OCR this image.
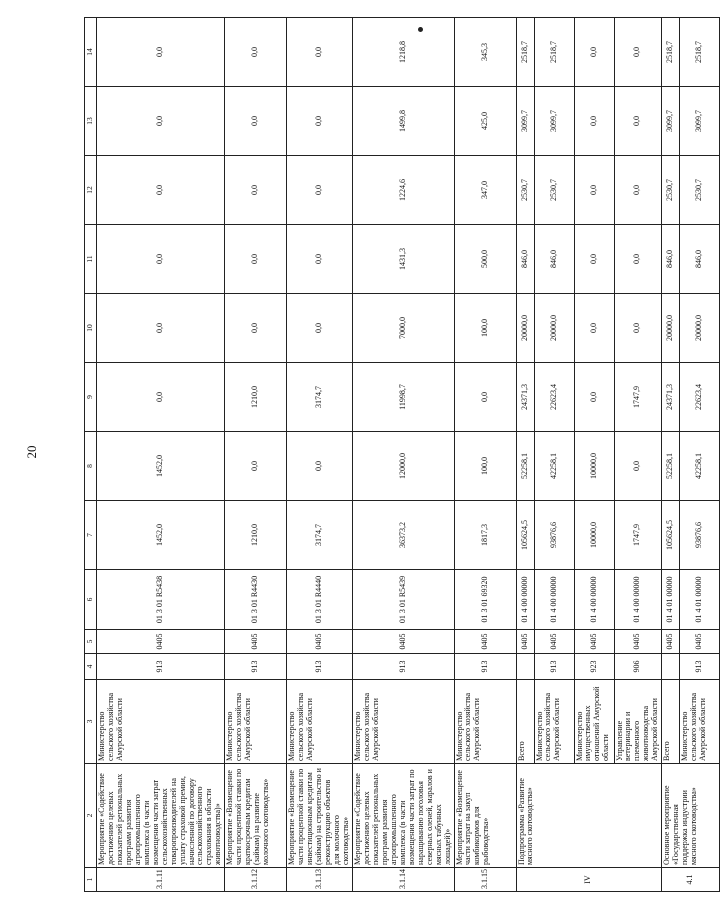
20
1	2	3	4	5	6	7	8	9	10	11	12	13	14
3.1.11	Мероприятие «Содействие достижению целевых показателей региональных программ развития агропромышленного комплекса (в части возмещения части затрат сельскохозяйственных товаропроизводителей на уплату страховой премии, начисленной по договору сельскохозяйственного страхования в области животноводства)»	Министерство сельского хозяйства Амурской области	913	0405	01 3 01 R5438	1452,0	1452,0	0,0	0,0	0,0	0,0	0,0	0,0
3.1.12	Мероприятие «Возмещение части процентной ставки по краткосрочным кредитам (займам) на развитие молочного скотоводства»	Министерство сельского хозяйства Амурской области	913	0405	01 3 01 R4430	1210,0	0,0	1210,0	0,0	0,0	0,0	0,0	0,0
3.1.13	Мероприятие «Возмещение части процентной ставки по инвестиционным кредитам (займам) на строительство и реконструкцию объектов для молочного скотоводства»	Министерство сельского хозяйства Амурской области	913	0405	01 3 01 R4440	3174,7	0,0	3174,7	0,0	0,0	0,0	0,0	0,0
3.1.14	Мероприятие «Содействие достижению целевых показателей региональных программ развития агропромышленного комплекса (в части возмещения части затрат по наращиванию поголовья северных оленей, маралов и мясных табунных лошадей)»	Министерство сельского хозяйства Амурской области	913	0405	01 3 01 R5439	36373,2	12000,0	11998,7	7000,0	1431,3	1224,6	1499,8	1218,8
3.1.15	Мероприятие «Возмещение части затрат на закуп комбикормов для рыбоводства»	Министерство сельского хозяйства Амурской области	913	0405	01 3 01 69320	1817,3	100,0	0,0	100,0	500,0	347,0	425,0	345,3
IV	Подпрограмма «Развитие мясного скотоводства»	Всего		0405	01 4 00 00000	105624,5	52258,1	24371,3	20000,0	846,0	2530,7	3099,7	2518,7
		Министерство сельского хозяйства Амурской области	913	0405	01 4 00 00000	93876,6	42258,1	22623,4	20000,0	846,0	2530,7	3099,7	2518,7
		Министерство имущественных отношений Амурской области	923	0405	01 4 00 00000	10000,0	10000,0	0,0	0,0	0,0	0,0	0,0	0,0
		Управление ветеринарии и племенного животноводства Амурской области	906	0405	01 4 00 00000	1747,9	0,0	1747,9	0,0	0,0	0,0	0,0	0,0
4.1	Основное мероприятие «Государственная поддержка индустрии мясного скотоводства»	Всего		0405	01 4 01 00000	105624,5	52258,1	24371,3	20000,0	846,0	2530,7	3099,7	2518,7
		Министерство сельского хозяйства Амурской области	913	0405	01 4 01 00000	93876,6	42258,1	22623,4	20000,0	846,0	2530,7	3099,7	2518,7
